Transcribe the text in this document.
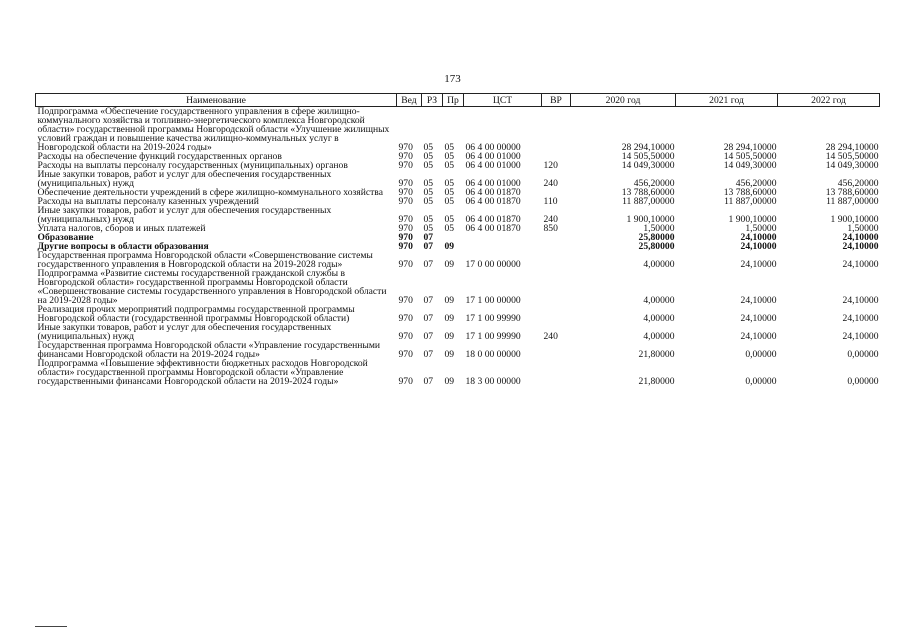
173
Наименование	Вед	РЗ	Пр	ЦСТ	ВР	2020 год	2021 год	2022 год
Подпрограмма «Обеспечение государственного управления в сфере жилищно-коммунального хозяйства и топливно-энергетического комплекса Новгородской области» государственной программы Новгородской области «Улучшение жилищных условий граждан и повышение качества жилищно-коммунальных услуг в Новгородской области на 2019-2024 годы»	970	05	05	06 4 00 00000		28 294,10000	28 294,10000	28 294,10000
Расходы на обеспечение функций государственных органов	970	05	05	06 4 00 01000		14 505,50000	14 505,50000	14 505,50000
Расходы на выплаты персоналу государственных (муниципальных) органов	970	05	05	06 4 00 01000	120	14 049,30000	14 049,30000	14 049,30000
Иные закупки товаров, работ и услуг для обеспечения государственных (муниципальных) нужд	970	05	05	06 4 00 01000	240	456,20000	456,20000	456,20000
Обеспечение деятельности учреждений в сфере жилищно-коммунального хозяйства	970	05	05	06 4 00 01870		13 788,60000	13 788,60000	13 788,60000
Расходы на выплаты персоналу казенных учреждений	970	05	05	06 4 00 01870	110	11 887,00000	11 887,00000	11 887,00000
Иные закупки товаров, работ и услуг для обеспечения государственных (муниципальных) нужд	970	05	05	06 4 00 01870	240	1 900,10000	1 900,10000	1 900,10000
Уплата налогов, сборов и иных платежей	970	05	05	06 4 00 01870	850	1,50000	1,50000	1,50000
Образование	970	07				25,80000	24,10000	24,10000
Другие вопросы в области образования	970	07	09			25,80000	24,10000	24,10000
Государственная программа Новгородской области «Совершенствование системы государственного управления в Новгородской области на 2019-2028 годы»	970	07	09	17 0 00 00000		4,00000	24,10000	24,10000
Подпрограмма «Развитие системы государственной гражданской службы в Новгородской области» государственной программы Новгородской области «Совершенствование системы государственного управления в Новгородской области на 2019-2028 годы»	970	07	09	17 1 00 00000		4,00000	24,10000	24,10000
Реализация прочих мероприятий подпрограммы государственной программы Новгородской области (государственной программы Новгородской области)	970	07	09	17 1 00 99990		4,00000	24,10000	24,10000
Иные закупки товаров, работ и услуг для обеспечения государственных (муниципальных) нужд	970	07	09	17 1 00 99990	240	4,00000	24,10000	24,10000
Государственная программа Новгородской области «Управление государственными финансами Новгородской области на 2019-2024 годы»	970	07	09	18 0 00 00000		21,80000	0,00000	0,00000
Подпрограмма «Повышение эффективности бюджетных расходов Новгородской области» государственной программы Новгородской области «Управление государственными финансами Новгородской области на 2019-2024 годы»	970	07	09	18 3 00 00000		21,80000	0,00000	0,00000
